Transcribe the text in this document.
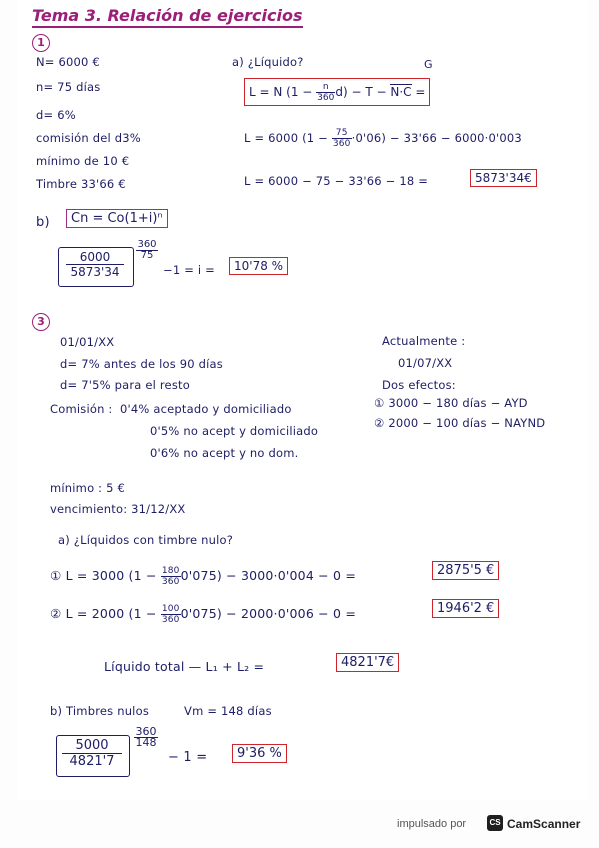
Tema 3. Relación de ejercicios
1
N= 6000 €
n= 75 días
d= 6%
comisión del d3%
mínimo de 10 €
Timbre 33'66 €
a) ¿Líquido?	G
L = N $(1 - \frac{n}{360} d) - T - N\cdot C$ =
L = 6000 $(1 - \frac{75}{360} \cdot 0'06) - 33'66 - 6000\cdot 0'003$
L = 6000 − 75 − 33'66 − 18 =	5873'34€
b)	Cn = Co(1+i)ⁿ
$\frac{6000}{5873'34} \frac{360}{75}$
−1 = i =	10'78 %
3
01/01/XX
d= 7% antes de los 90 días
d= 7'5% para el resto
Comisión : 0'4% aceptado y domiciliado
0'5% no acept y domiciliado
0'6% no acept y no dom.
mínimo : 5 €
vencimiento: 31/12/XX
Actualmente :
01/07/XX
Dos efectos:
① 3000 − 180 días − AYD
② 2000 − 100 días − NAYND
a) ¿Líquidos con timbre nulo?
① L = 3000 $(1 - \frac{180}{360} 0'075) - 3000\cdot 0'004 - 0$ =	2875'5 €
② L = 2000 $(1 - \frac{100}{360} 0'075) - 2000\cdot 0'006 - 0$ =	1946'2 €
Líquido total — L₁ + L₂ =	4821'7€
b) Timbres nulos	Vm = 148 días
$\frac{5000}{4821'7}$
$\frac{360}{148}$
− 1 =	9'36 %
impulsado por	CS CamScanner
